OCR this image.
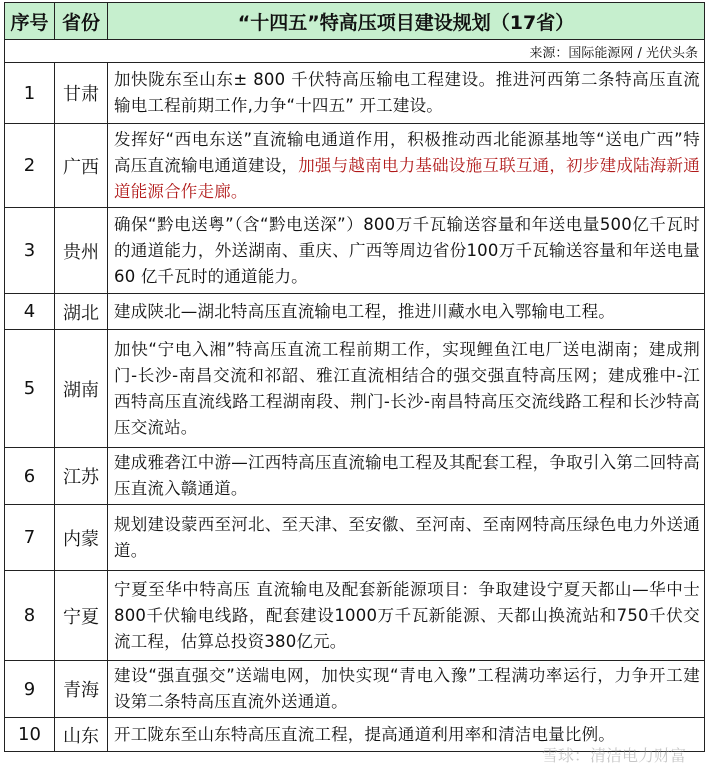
序号	省份	“十四五”特高压项目建设规划（17省）
来源：国际能源网 / 光伏头条		
1	甘肃	加快陇东至山东± 800 千伏特高压输电工程建设。推进河西第二条特高压直流输电工程前期工作,力争“十四五” 开工建设。
2	广西	发挥好“西电东送”直流输电通道作用，积极推动西北能源基地等“送电广西”特高压直流输电通道建设，加强与越南电力基础设施互联互通，初步建成陆海新通道能源合作走廊。
3	贵州	确保“黔电送粤”（含“黔电送深”）800万千瓦输送容量和年送电量500亿千瓦时的通道能力，外送湖南、重庆、广西等周边省份100万千瓦输送容量和年送电量 60 亿千瓦时的通道能力。
4	湖北	建成陕北—湖北特高压直流输电工程，推进川藏水电入鄂输电工程。
5	湖南	加快“宁电入湘”特高压直流工程前期工作，实现鲤鱼江电厂送电湖南；建成荆门-长沙-南昌交流和祁韶、雅江直流相结合的强交强直特高压网；建成雅中-江西特高压直流线路工程湖南段、荆门-长沙-南昌特高压交流线路工程和长沙特高压交流站。
6	江苏	建成雅砻江中游—江西特高压直流输电工程及其配套工程，争取引入第二回特高压直流入赣通道。
7	内蒙	规划建设蒙西至河北、至天津、至安徽、至河南、至南网特高压绿色电力外送通道。
8	宁夏	宁夏至华中特高压 直流输电及配套新能源项目：争取建设宁夏天都山—华中士800千伏输电线路，配套建设1000万千瓦新能源、天都山换流站和750千伏交流工程，估算总投资380亿元。
9	青海	建设“强直强交”送端电网，加快实现“青电入豫”工程满功率运行，力争开工建设第二条特高压直流外送通道。
10	山东	开工陇东至山东特高压直流工程，提高通道利用率和清洁电量比例。
雪球：清洁电力财富
